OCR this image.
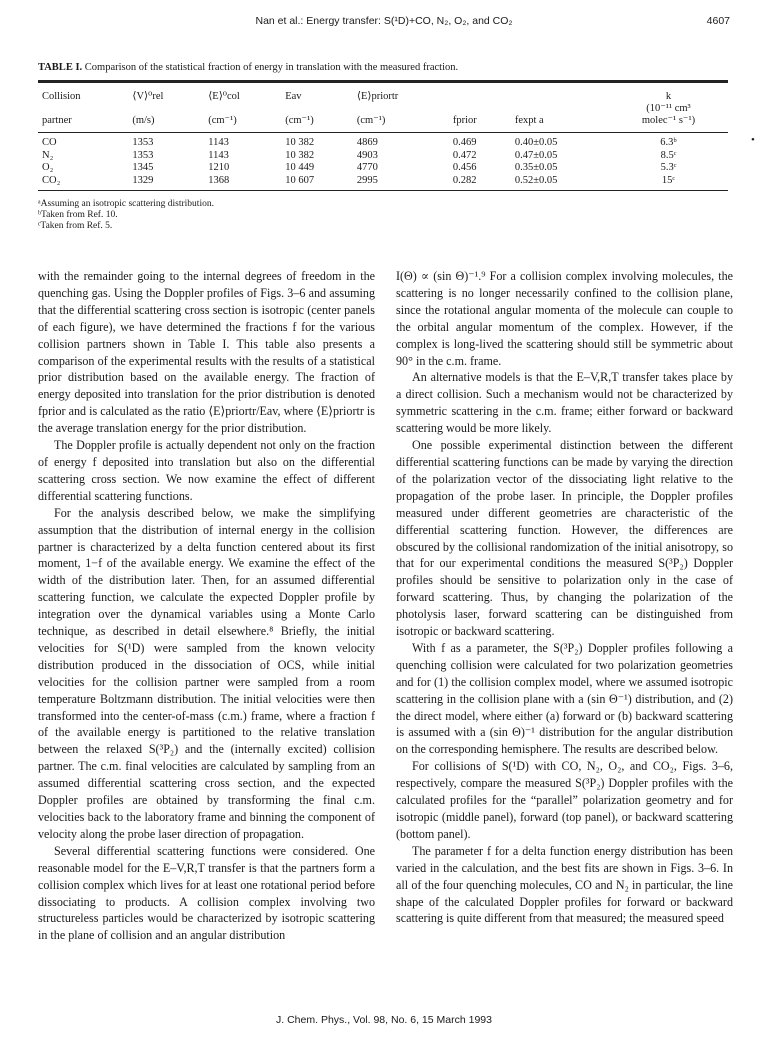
Nan et al.: Energy transfer: S(¹D)+CO, N₂, O₂, and CO₂	4607
TABLE I. Comparison of the statistical fraction of energy in translation with the measured fraction.
Collision	⟨V⟩⁰rel	⟨E⟩⁰col	Eav	⟨E⟩priortr			k
							(10⁻¹¹ cm³
partner	(m/s)	(cm⁻¹)	(cm⁻¹)	(cm⁻¹)	fprior	fexpt a	molec⁻¹ s⁻¹)
CO	1353	1143	10 382	4869	0.469	0.40±0.05	6.3ᵇ
N₂	1353	1143	10 382	4903	0.472	0.47±0.05	8.5ᶜ
O₂	1345	1210	10 449	4770	0.456	0.35±0.05	5.3ᶜ
CO₂	1329	1368	10 607	2995	0.282	0.52±0.05	15ᶜ
ᵃAssuming an isotropic scattering distribution.
ᵇTaken from Ref. 10.
ᶜTaken from Ref. 5.
•

with the remainder going to the internal degrees of freedom in the quenching gas. Using the Doppler profiles of Figs. 3–6 and assuming that the differential scattering cross section is isotropic (center panels of each figure), we have determined the fractions f for the various collision partners shown in Table I. This table also presents a comparison of the experimental results with the results of a statistical prior distribution based on the available energy. The fraction of energy deposited into translation for the prior distribution is denoted fprior and is calculated as the ratio ⟨E⟩priortr/Eav, where ⟨E⟩priortr is the average translation energy for the prior distribution.

The Doppler profile is actually dependent not only on the fraction of energy f deposited into translation but also on the differential scattering cross section. We now examine the effect of different differential scattering functions.

For the analysis described below, we make the simplifying assumption that the distribution of internal energy in the collision partner is characterized by a delta function centered about its first moment, 1−f of the available energy. We examine the effect of the width of the distribution later. Then, for an assumed differential scattering function, we calculate the expected Doppler profile by integration over the dynamical variables using a Monte Carlo technique, as described in detail elsewhere.⁸ Briefly, the initial velocities for S(¹D) were sampled from the known velocity distribution produced in the dissociation of OCS, while initial velocities for the collision partner were sampled from a room temperature Boltzmann distribution. The initial velocities were then transformed into the center-of-mass (c.m.) frame, where a fraction f of the available energy is partitioned to the relative translation between the relaxed S(³P₂) and the (internally excited) collision partner. The c.m. final velocities are calculated by sampling from an assumed differential scattering cross section, and the expected Doppler profiles are obtained by transforming the final c.m. velocities back to the laboratory frame and binning the component of velocity along the probe laser direction of propagation.

Several differential scattering functions were considered. One reasonable model for the E–V,R,T transfer is that the partners form a collision complex which lives for at least one rotational period before dissociating to products. A collision complex involving two structureless particles would be characterized by isotropic scattering in the plane of collision and an angular distribution

I(Θ) ∝ (sin Θ)⁻¹.⁹ For a collision complex involving molecules, the scattering is no longer necessarily confined to the collision plane, since the rotational angular momenta of the molecule can couple to the orbital angular momentum of the complex. However, if the complex is long-lived the scattering should still be symmetric about 90° in the c.m. frame.

An alternative models is that the E–V,R,T transfer takes place by a direct collision. Such a mechanism would not be characterized by symmetric scattering in the c.m. frame; either forward or backward scattering would be more likely.

One possible experimental distinction between the different differential scattering functions can be made by varying the direction of the polarization vector of the dissociating light relative to the propagation of the probe laser. In principle, the Doppler profiles measured under different geometries are characteristic of the differential scattering function. However, the differences are obscured by the collisional randomization of the initial anisotropy, so that for our experimental conditions the measured S(³P₂) Doppler profiles should be sensitive to polarization only in the case of forward scattering. Thus, by changing the polarization of the photolysis laser, forward scattering can be distinguished from isotropic or backward scattering.

With f as a parameter, the S(³P₂) Doppler profiles following a quenching collision were calculated for two polarization geometries and for (1) the collision complex model, where we assumed isotropic scattering in the collision plane with a (sin Θ⁻¹) distribution, and (2) the direct model, where either (a) forward or (b) backward scattering is assumed with a (sin Θ)⁻¹ distribution for the angular distribution on the corresponding hemisphere. The results are described below.

For collisions of S(¹D) with CO, N₂, O₂, and CO₂, Figs. 3–6, respectively, compare the measured S(³P₂) Doppler profiles with the calculated profiles for the “parallel” polarization geometry and for isotropic (middle panel), forward (top panel), or backward scattering (bottom panel).

The parameter f for a delta function energy distribution has been varied in the calculation, and the best fits are shown in Figs. 3–6. In all of the four quenching molecules, CO and N₂ in particular, the line shape of the calculated Doppler profiles for forward or backward scattering is quite different from that measured; the measured speed

J. Chem. Phys., Vol. 98, No. 6, 15 March 1993
